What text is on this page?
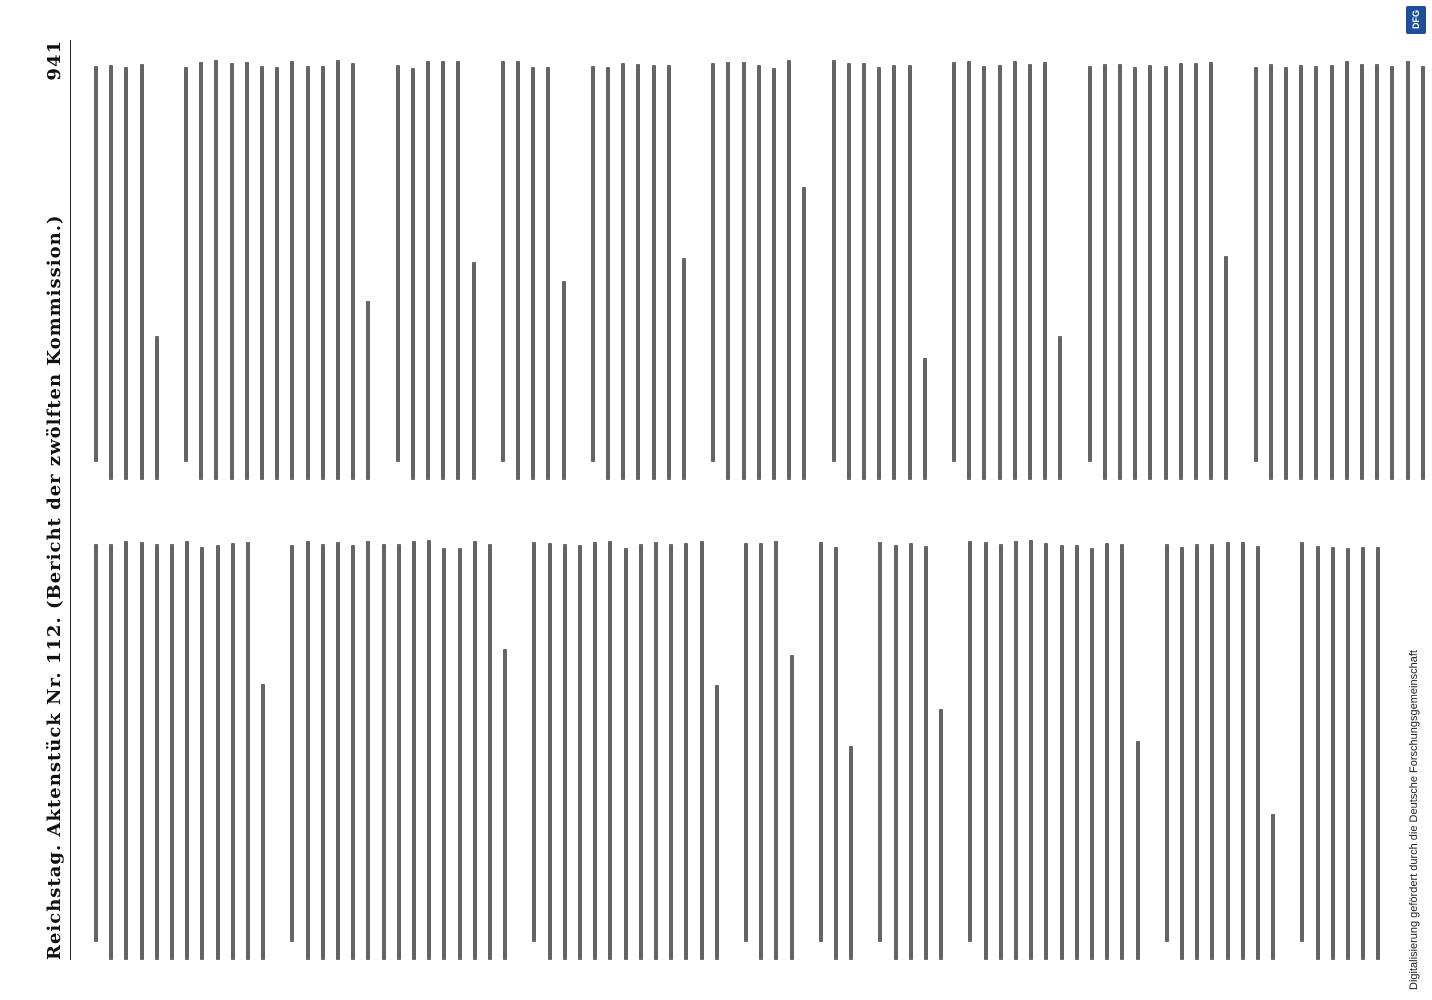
Reichstag. Aktenstück Nr. 112. (Bericht der zwölften Kommission.)
941
DFG
Digitalisierung gefördert durch die Deutsche Forschungsgemeinschaft
